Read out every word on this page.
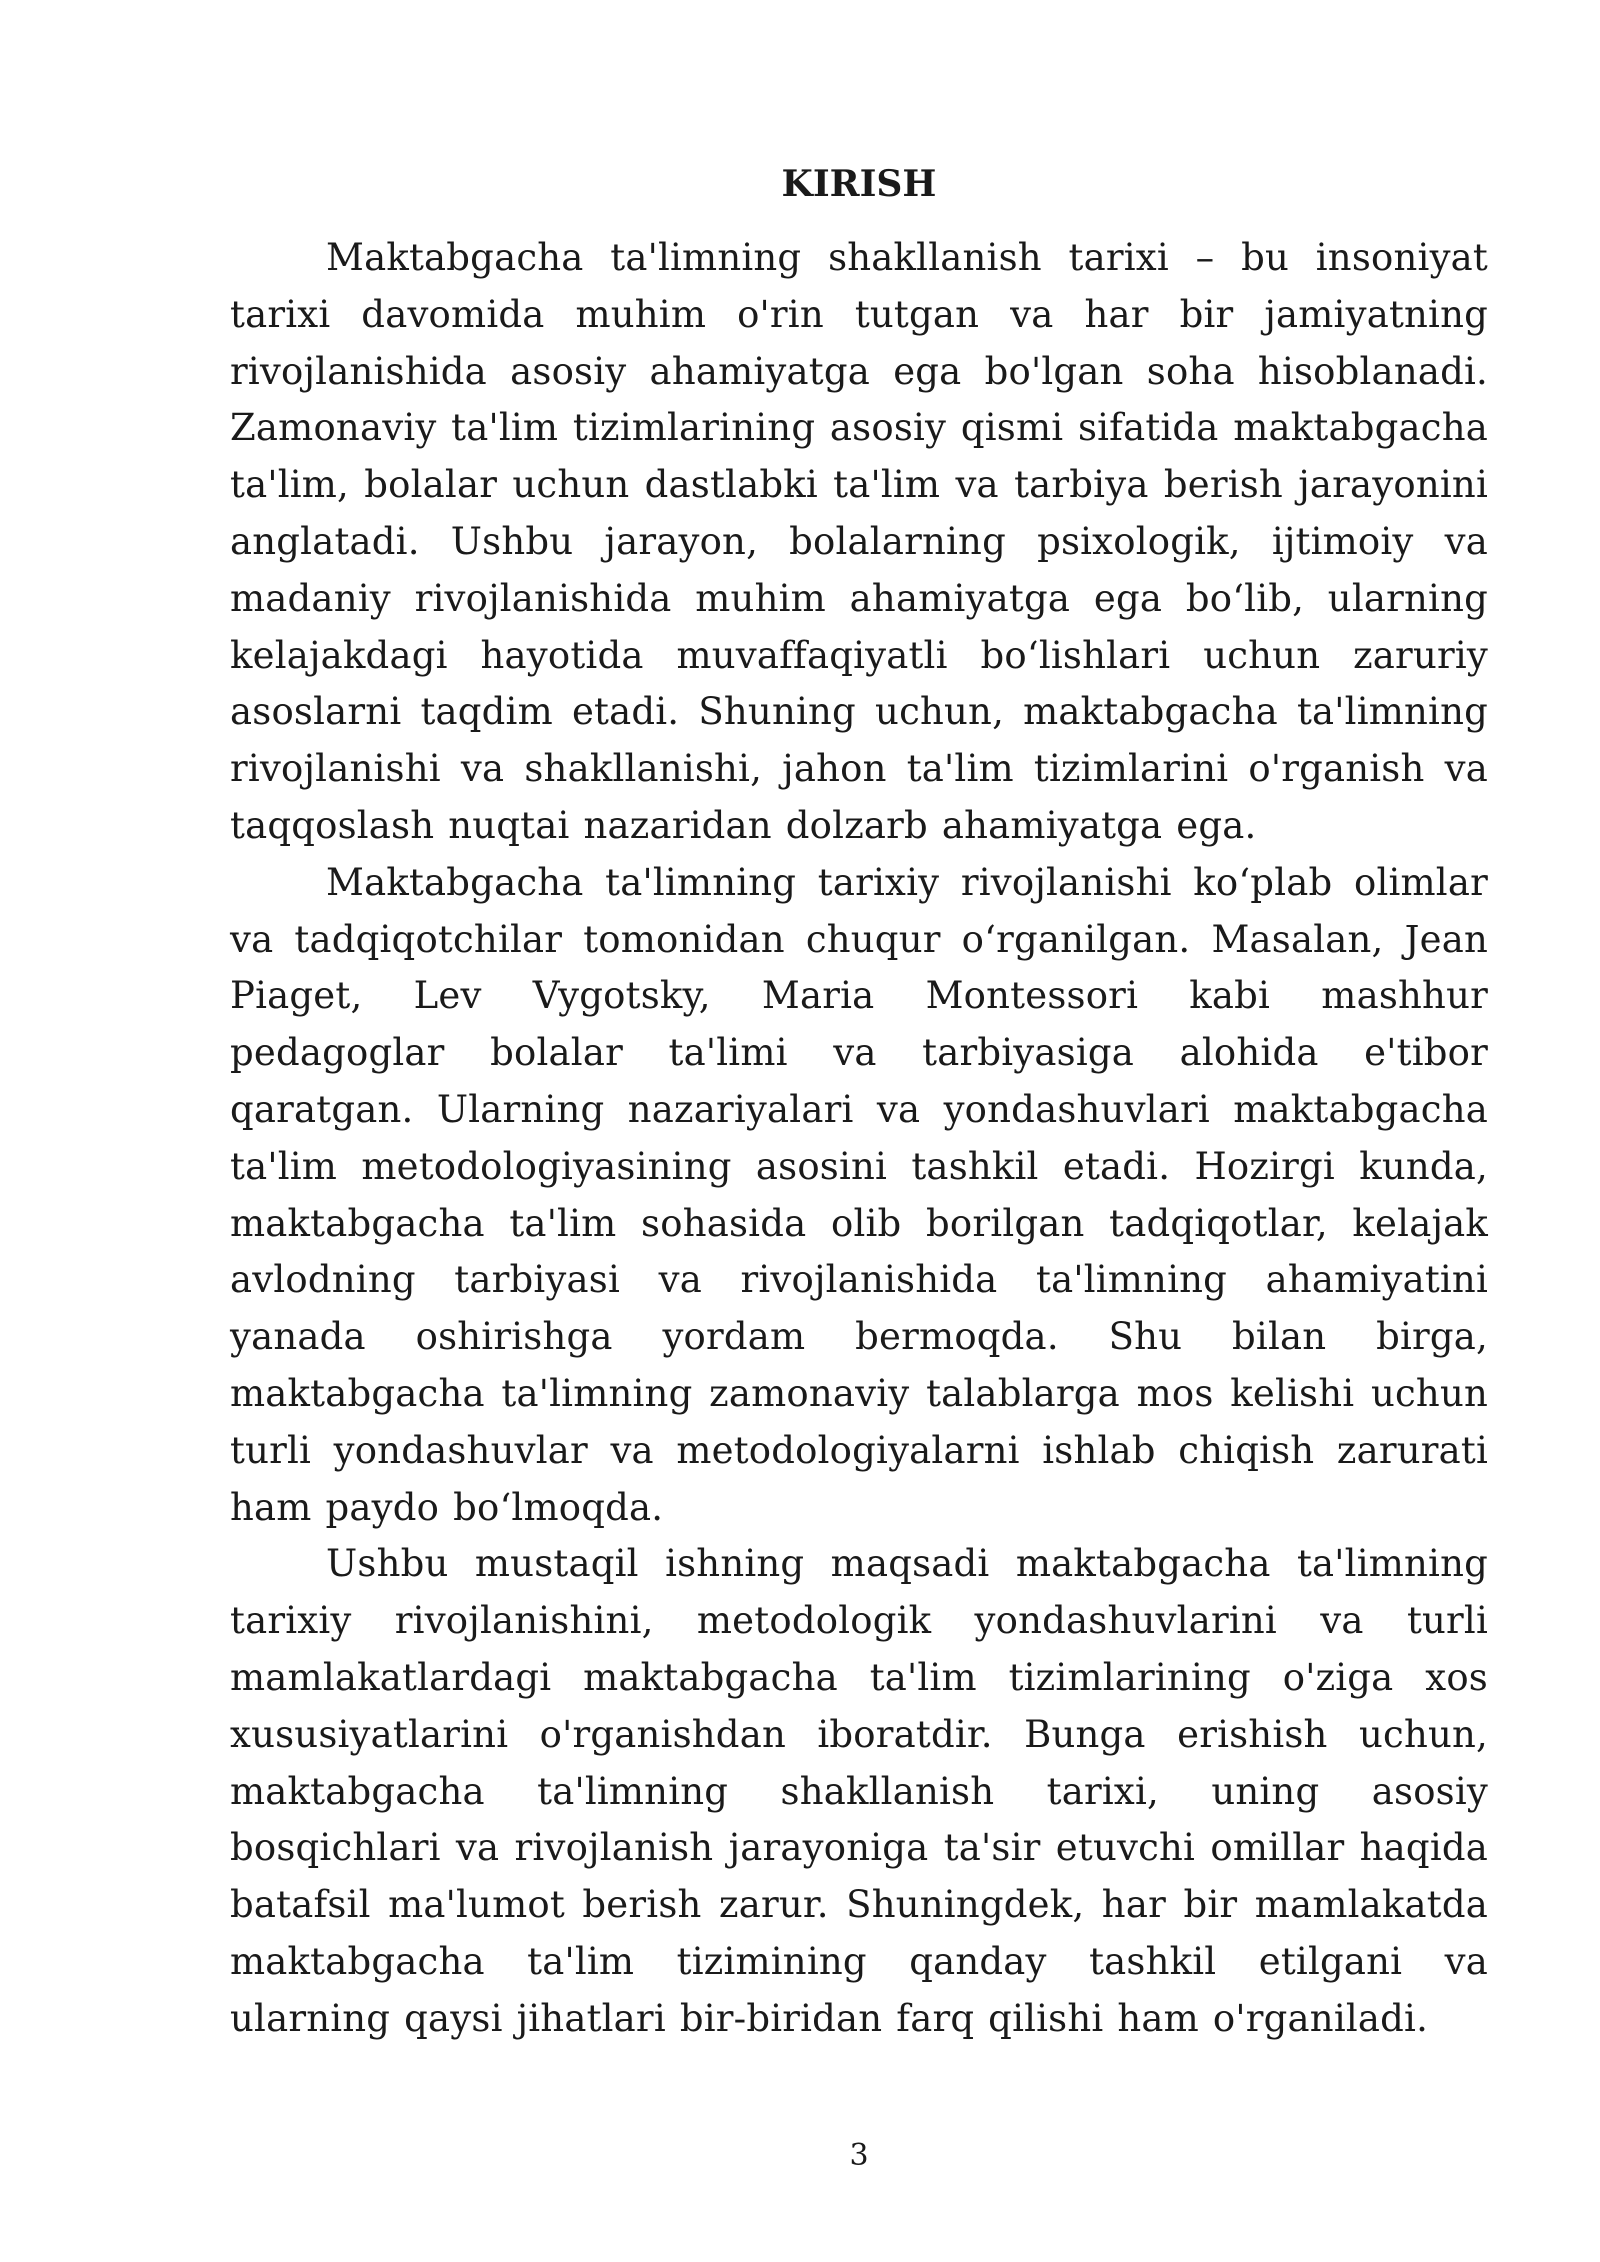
KIRISH

Maktabgacha ta'limning shakllanish tarixi – bu insoniyat tarixi davomida muhim o'rin tutgan va har bir jamiyatning rivojlanishida asosiy ahamiyatga ega bo'lgan soha hisoblanadi. Zamonaviy ta'lim tizimlarining asosiy qismi sifatida maktabgacha ta'lim, bolalar uchun dastlabki ta'lim va tarbiya berish jarayonini anglatadi. Ushbu jarayon, bolalarning psixologik, ijtimoiy va madaniy rivojlanishida muhim ahamiyatga ega boʻlib, ularning kelajakdagi hayotida muvaffaqiyatli boʻlishlari uchun zaruriy asoslarni taqdim etadi. Shuning uchun, maktabgacha ta'limning rivojlanishi va shakllanishi, jahon ta'lim tizimlarini o'rganish va taqqoslash nuqtai nazaridan dolzarb ahamiyatga ega.

Maktabgacha ta'limning tarixiy rivojlanishi koʻplab olimlar va tadqiqotchilar tomonidan chuqur oʻrganilgan. Masalan, Jean Piaget, Lev Vygotsky, Maria Montessori kabi mashhur pedagoglar bolalar ta'limi va tarbiyasiga alohida e'tibor qaratgan. Ularning nazariyalari va yondashuvlari maktabgacha ta'lim metodologiyasining asosini tashkil etadi. Hozirgi kunda, maktabgacha ta'lim sohasida olib borilgan tadqiqotlar, kelajak avlodning tarbiyasi va rivojlanishida ta'limning ahamiyatini yanada oshirishga yordam bermoqda. Shu bilan birga, maktabgacha ta'limning zamonaviy talablarga mos kelishi uchun turli yondashuvlar va metodologiyalarni ishlab chiqish zarurati ham paydo boʻlmoqda.

Ushbu mustaqil ishning maqsadi maktabgacha ta'limning tarixiy rivojlanishini, metodologik yondashuvlarini va turli mamlakatlardagi maktabgacha ta'lim tizimlarining o'ziga xos xususiyatlarini o'rganishdan iboratdir. Bunga erishish uchun, maktabgacha ta'limning shakllanish tarixi, uning asosiy bosqichlari va rivojlanish jarayoniga ta'sir etuvchi omillar haqida batafsil ma'lumot berish zarur. Shuningdek, har bir mamlakatda maktabgacha ta'lim tizimining qanday tashkil etilgani va ularning qaysi jihatlari bir-biridan farq qilishi ham o'rganiladi.

3
